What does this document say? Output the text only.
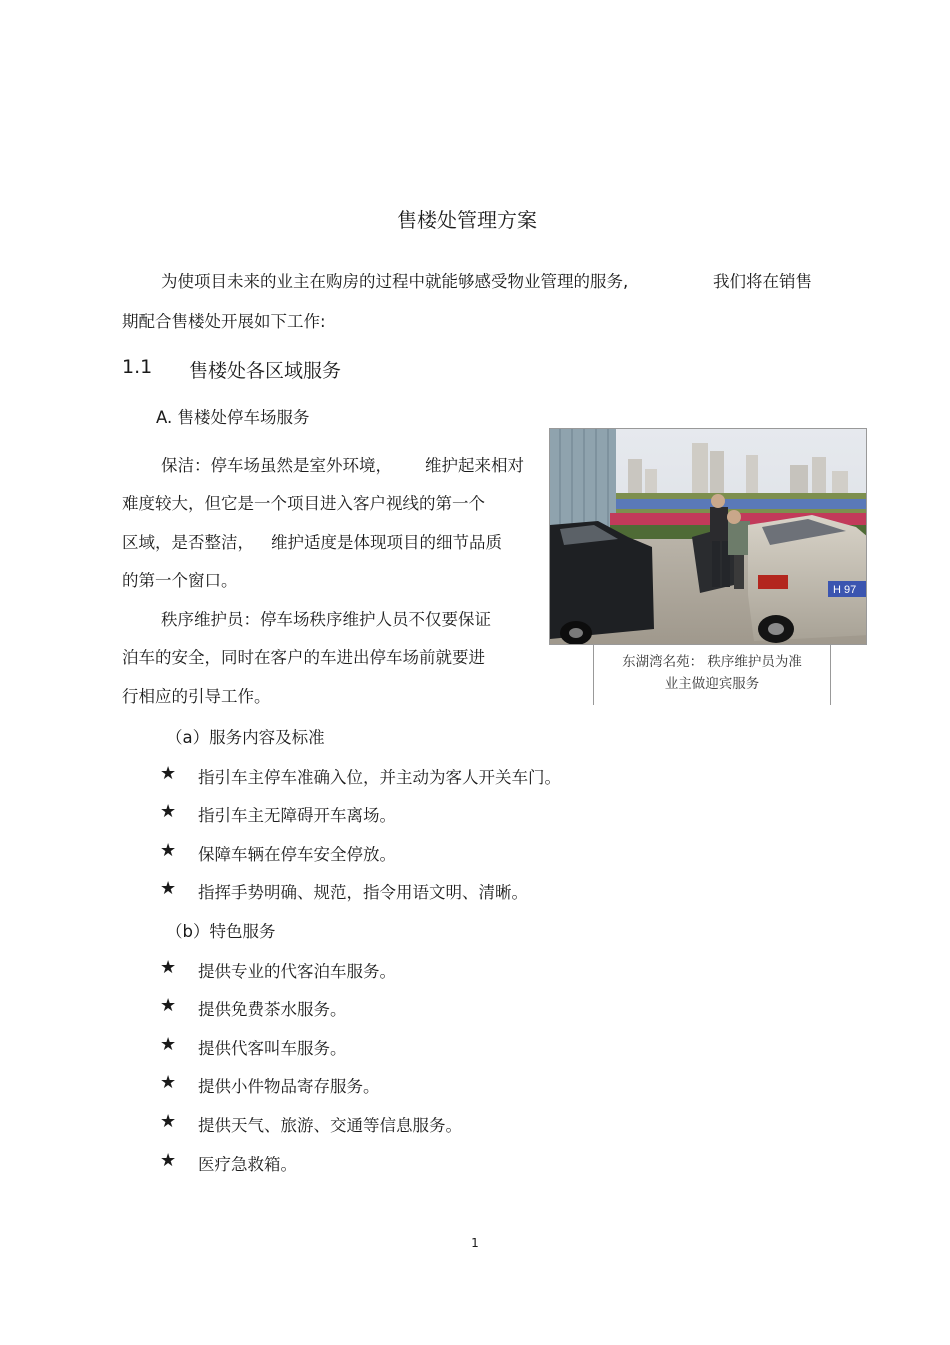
售楼处管理方案
为使项目未来的业主在购房的过程中就能够感受物业管理的服务,	我们将在销售
期配合售楼处开展如下工作:
1.1 售楼处各区域服务
A. 售楼处停车场服务
保洁：停车场虽然是室外环境， 维护起来相对
难度较大，但它是一个项目进入客户视线的第一个
区域，是否整洁， 维护适度是体现项目的细节品质
的第一个窗口。
秩序维护员：停车场秩序维护人员不仅要保证
泊车的安全，同时在客户的车进出停车场前就要进
行相应的引导工作。
H 97
东湖湾名苑： 秩序维护员为准
业主做迎宾服务
（a）服务内容及标准
★ 指引车主停车准确入位，并主动为客人开关车门。
★ 指引车主无障碍开车离场。
★ 保障车辆在停车安全停放。
★ 指挥手势明确、规范，指令用语文明、清晰。
（b）特色服务
★ 提供专业的代客泊车服务。
★ 提供免费茶水服务。
★ 提供代客叫车服务。
★ 提供小件物品寄存服务。
★ 提供天气、旅游、交通等信息服务。
★ 医疗急救箱。
1
